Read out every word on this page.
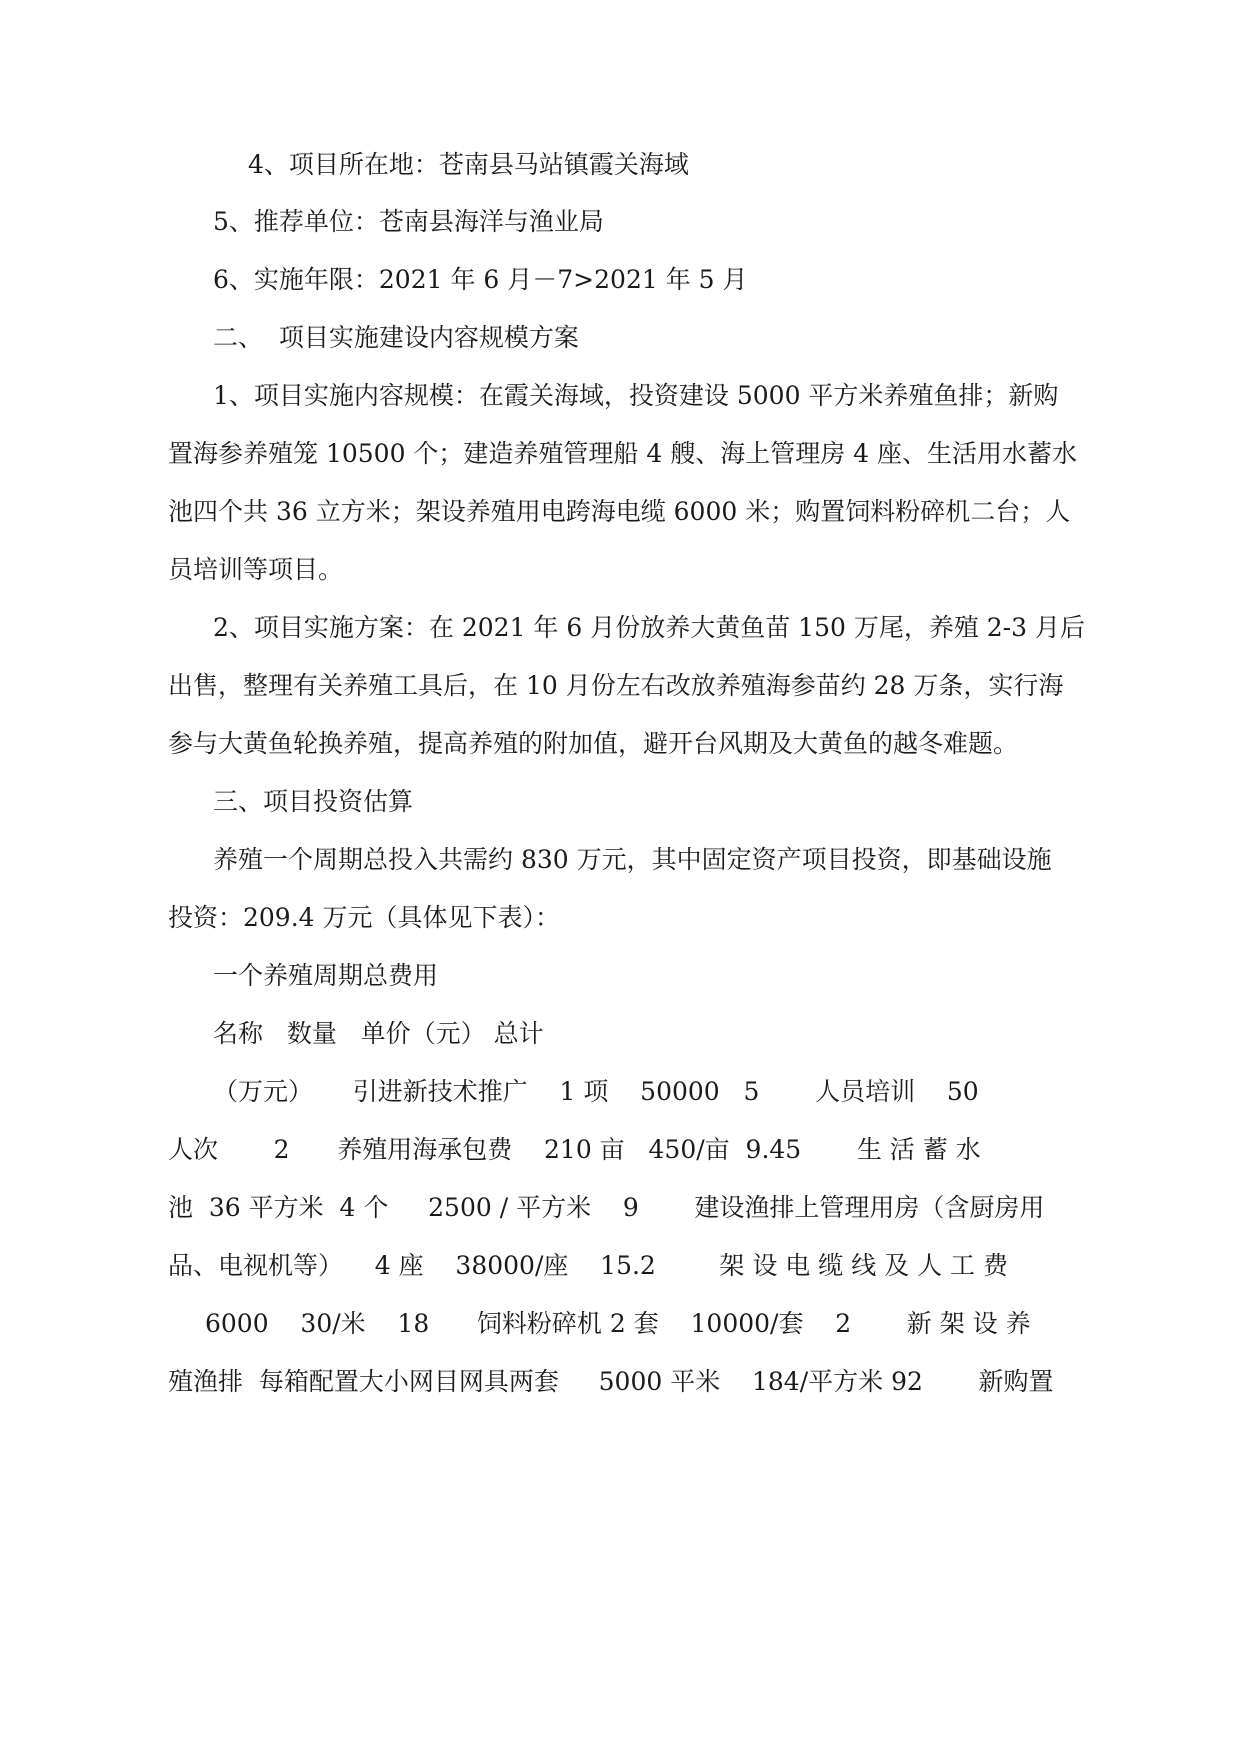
4、项目所在地：苍南县马站镇霞关海域
5、推荐单位：苍南县海洋与渔业局
6、实施年限：2021 年 6 月－7>2021 年 5 月
二、  项目实施建设内容规模方案
1、项目实施内容规模：在霞关海域，投资建设 5000 平方米养殖鱼排；新购
置海参养殖笼 10500 个；建造养殖管理船 4 艘、海上管理房 4 座、生活用水蓄水
池四个共 36 立方米；架设养殖用电跨海电缆 6000 米；购置饲料粉碎机二台；人
员培训等项目。
2、项目实施方案：在 2021 年 6 月份放养大黄鱼苗 150 万尾，养殖 2-3 月后
出售，整理有关养殖工具后，在 10 月份左右改放养殖海参苗约 28 万条，实行海
参与大黄鱼轮换养殖，提高养殖的附加值，避开台风期及大黄鱼的越冬难题。
三、项目投资估算
养殖一个周期总投入共需约 830 万元，其中固定资产项目投资，即基础设施
投资：209.4 万元（具体见下表）：
一个养殖周期总费用
名称   数量   单价（元） 总计
（万元）     引进新技术推广    1 项    50000   5       人员培训    50
人次       2      养殖用海承包费    210 亩   450/亩  9.45       生 活 蓄 水
池  36 平方米  4 个     2500 / 平方米    9       建设渔排上管理用房（含厨房用
品、电视机等）    4 座    38000/座    15.2        架 设 电 缆 线 及 人 工 费
6000    30/米    18      饲料粉碎机 2 套    10000/套    2       新 架 设 养
殖渔排  每箱配置大小网目网具两套     5000 平米    184/平方米 92       新购置
